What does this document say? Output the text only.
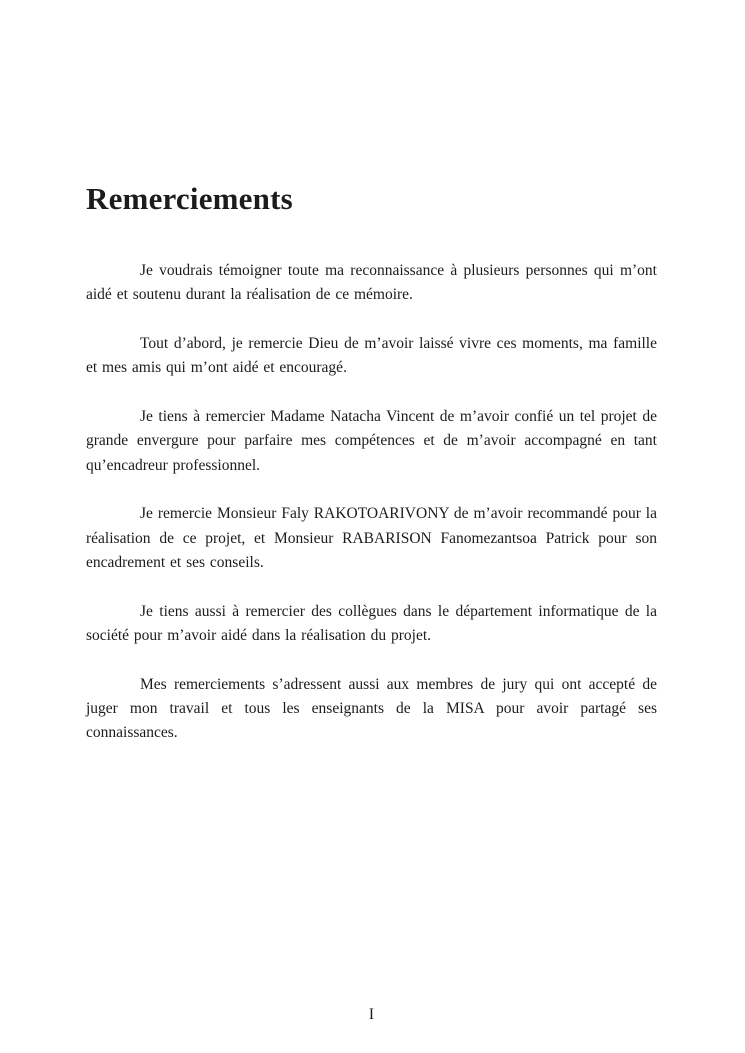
Remerciements

Je voudrais témoigner toute ma reconnaissance à plusieurs personnes qui m’ont aidé et soutenu durant la réalisation de ce mémoire.

Tout d’abord, je remercie Dieu de m’avoir laissé vivre ces moments, ma famille et mes amis qui m’ont aidé et encouragé.

Je tiens à remercier Madame Natacha Vincent de m’avoir confié un tel projet de grande envergure pour parfaire mes compétences et de m’avoir accompagné en tant qu’encadreur professionnel.

Je remercie Monsieur Faly RAKOTOARIVONY de m’avoir recommandé pour la réalisation de ce projet, et Monsieur RABARISON Fanomezantsoa Patrick pour son encadrement et ses conseils.

Je tiens aussi à remercier des collègues dans le département informatique de la société pour m’avoir aidé dans la réalisation du projet.

Mes remerciements s’adressent aussi aux membres de jury qui ont accepté de juger mon travail et tous les enseignants de la MISA pour avoir partagé ses connaissances.

I
